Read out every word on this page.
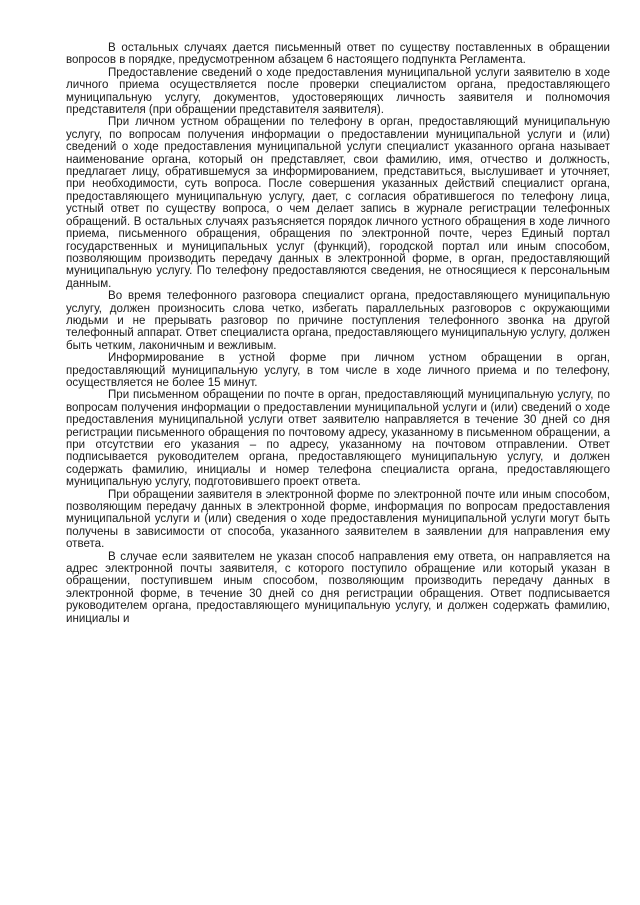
В остальных случаях дается письменный ответ по существу поставленных в обращении вопросов в порядке, предусмотренном абзацем 6 настоящего подпункта Регламента.

Предоставление сведений о ходе предоставления муниципальной услуги заявителю в ходе личного приема осуществляется после проверки специалистом органа, предоставляющего муниципальную услугу, документов, удостоверяющих личность заявителя и полномочия представителя (при обращении представителя заявителя).

При личном устном обращении по телефону в орган, предоставляющий муниципальную услугу, по вопросам получения информации о предоставлении муниципальной услуги и (или) сведений о ходе предоставления муниципальной услуги специалист указанного органа называет наименование органа, который он представляет, свои фамилию, имя, отчество и должность, предлагает лицу, обратившемуся за информированием, представиться, выслушивает и уточняет, при необходимости, суть вопроса. После совершения указанных действий специалист органа, предоставляющего муниципальную услугу, дает, с согласия обратившегося по телефону лица, устный ответ по существу вопроса, о чем делает запись в журнале регистрации телефонных обращений. В остальных случаях разъясняется порядок личного устного обращения в ходе личного приема, письменного обращения, обращения по электронной почте, через Единый портал государственных и муниципальных услуг (функций), городской портал или иным способом, позволяющим производить передачу данных в электронной форме, в орган, предоставляющий муниципальную услугу. По телефону предоставляются сведения, не относящиеся к персональным данным.

Во время телефонного разговора специалист органа, предоставляющего муниципальную услугу, должен произносить слова четко, избегать параллельных разговоров с окружающими людьми и не прерывать разговор по причине поступления телефонного звонка на другой телефонный аппарат. Ответ специалиста органа, предоставляющего муниципальную услугу, должен быть четким, лаконичным и вежливым.

Информирование в устной форме при личном устном обращении в орган, предоставляющий муниципальную услугу, в том числе в ходе личного приема и по телефону, осуществляется не более 15 минут.

При письменном обращении по почте в орган, предоставляющий муниципальную услугу, по вопросам получения информации о предоставлении муниципальной услуги и (или) сведений о ходе предоставления муниципальной услуги ответ заявителю направляется в течение 30 дней со дня регистрации письменного обращения по почтовому адресу, указанному в письменном обращении, а при отсутствии его указания – по адресу, указанному на почтовом отправлении. Ответ подписывается руководителем органа, предоставляющего муниципальную услугу, и должен содержать фамилию, инициалы и номер телефона специалиста органа, предоставляющего муниципальную услугу, подготовившего проект ответа.

При обращении заявителя в электронной форме по электронной почте или иным способом, позволяющим передачу данных в электронной форме, информация по вопросам предоставления муниципальной услуги и (или) сведения о ходе предоставления муниципальной услуги могут быть получены в зависимости от способа, указанного заявителем в заявлении для направления ему ответа.

В случае если заявителем не указан способ направления ему ответа, он направляется на адрес электронной почты заявителя, с которого поступило обращение или который указан в обращении, поступившем иным способом, позволяющим производить передачу данных в электронной форме, в течение 30 дней со дня регистрации обращения. Ответ подписывается руководителем органа, предоставляющего муниципальную услугу, и должен содержать фамилию, инициалы и
